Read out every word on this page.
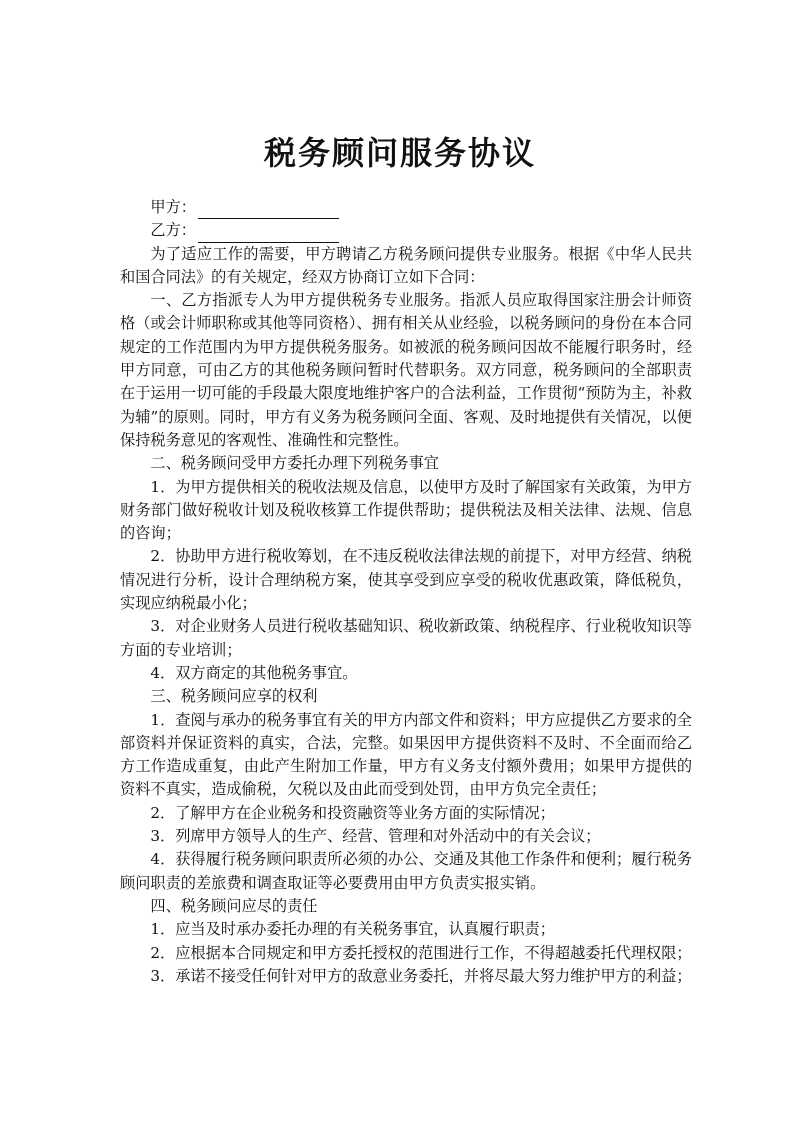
税务顾问服务协议

甲方：

乙方：

为了适应工作的需要，甲方聘请乙方税务顾问提供专业服务。根据《中华人民共和国合同法》的有关规定，经双方协商订立如下合同：

一、乙方指派专人为甲方提供税务专业服务。指派人员应取得国家注册会计师资格（或会计师职称或其他等同资格）、拥有相关从业经验，以税务顾问的身份在本合同规定的工作范围内为甲方提供税务服务。如被派的税务顾问因故不能履行职务时，经甲方同意，可由乙方的其他税务顾问暂时代替职务。双方同意，税务顾问的全部职责在于运用一切可能的手段最大限度地维护客户的合法利益，工作贯彻“预防为主，补救为辅”的原则。同时，甲方有义务为税务顾问全面、客观、及时地提供有关情况，以便保持税务意见的客观性、准确性和完整性。

二、税务顾问受甲方委托办理下列税务事宜

1．为甲方提供相关的税收法规及信息，以使甲方及时了解国家有关政策，为甲方财务部门做好税收计划及税收核算工作提供帮助；提供税法及相关法律、法规、信息的咨询；

2．协助甲方进行税收筹划，在不违反税收法律法规的前提下，对甲方经营、纳税情况进行分析，设计合理纳税方案，使其享受到应享受的税收优惠政策，降低税负，实现应纳税最小化；

3．对企业财务人员进行税收基础知识、税收新政策、纳税程序、行业税收知识等方面的专业培训；

4．双方商定的其他税务事宜。

三、税务顾问应享的权利

1．查阅与承办的税务事宜有关的甲方内部文件和资料；甲方应提供乙方要求的全部资料并保证资料的真实，合法，完整。如果因甲方提供资料不及时、不全面而给乙方工作造成重复，由此产生附加工作量，甲方有义务支付额外费用；如果甲方提供的资料不真实，造成偷税，欠税以及由此而受到处罚，由甲方负完全责任；

2．了解甲方在企业税务和投资融资等业务方面的实际情况；

3．列席甲方领导人的生产、经营、管理和对外活动中的有关会议；

4．获得履行税务顾问职责所必须的办公、交通及其他工作条件和便利；履行税务顾问职责的差旅费和调查取证等必要费用由甲方负责实报实销。

四、税务顾问应尽的责任

1．应当及时承办委托办理的有关税务事宜，认真履行职责；

2．应根据本合同规定和甲方委托授权的范围进行工作，不得超越委托代理权限；

3．承诺不接受任何针对甲方的敌意业务委托，并将尽最大努力维护甲方的利益；
